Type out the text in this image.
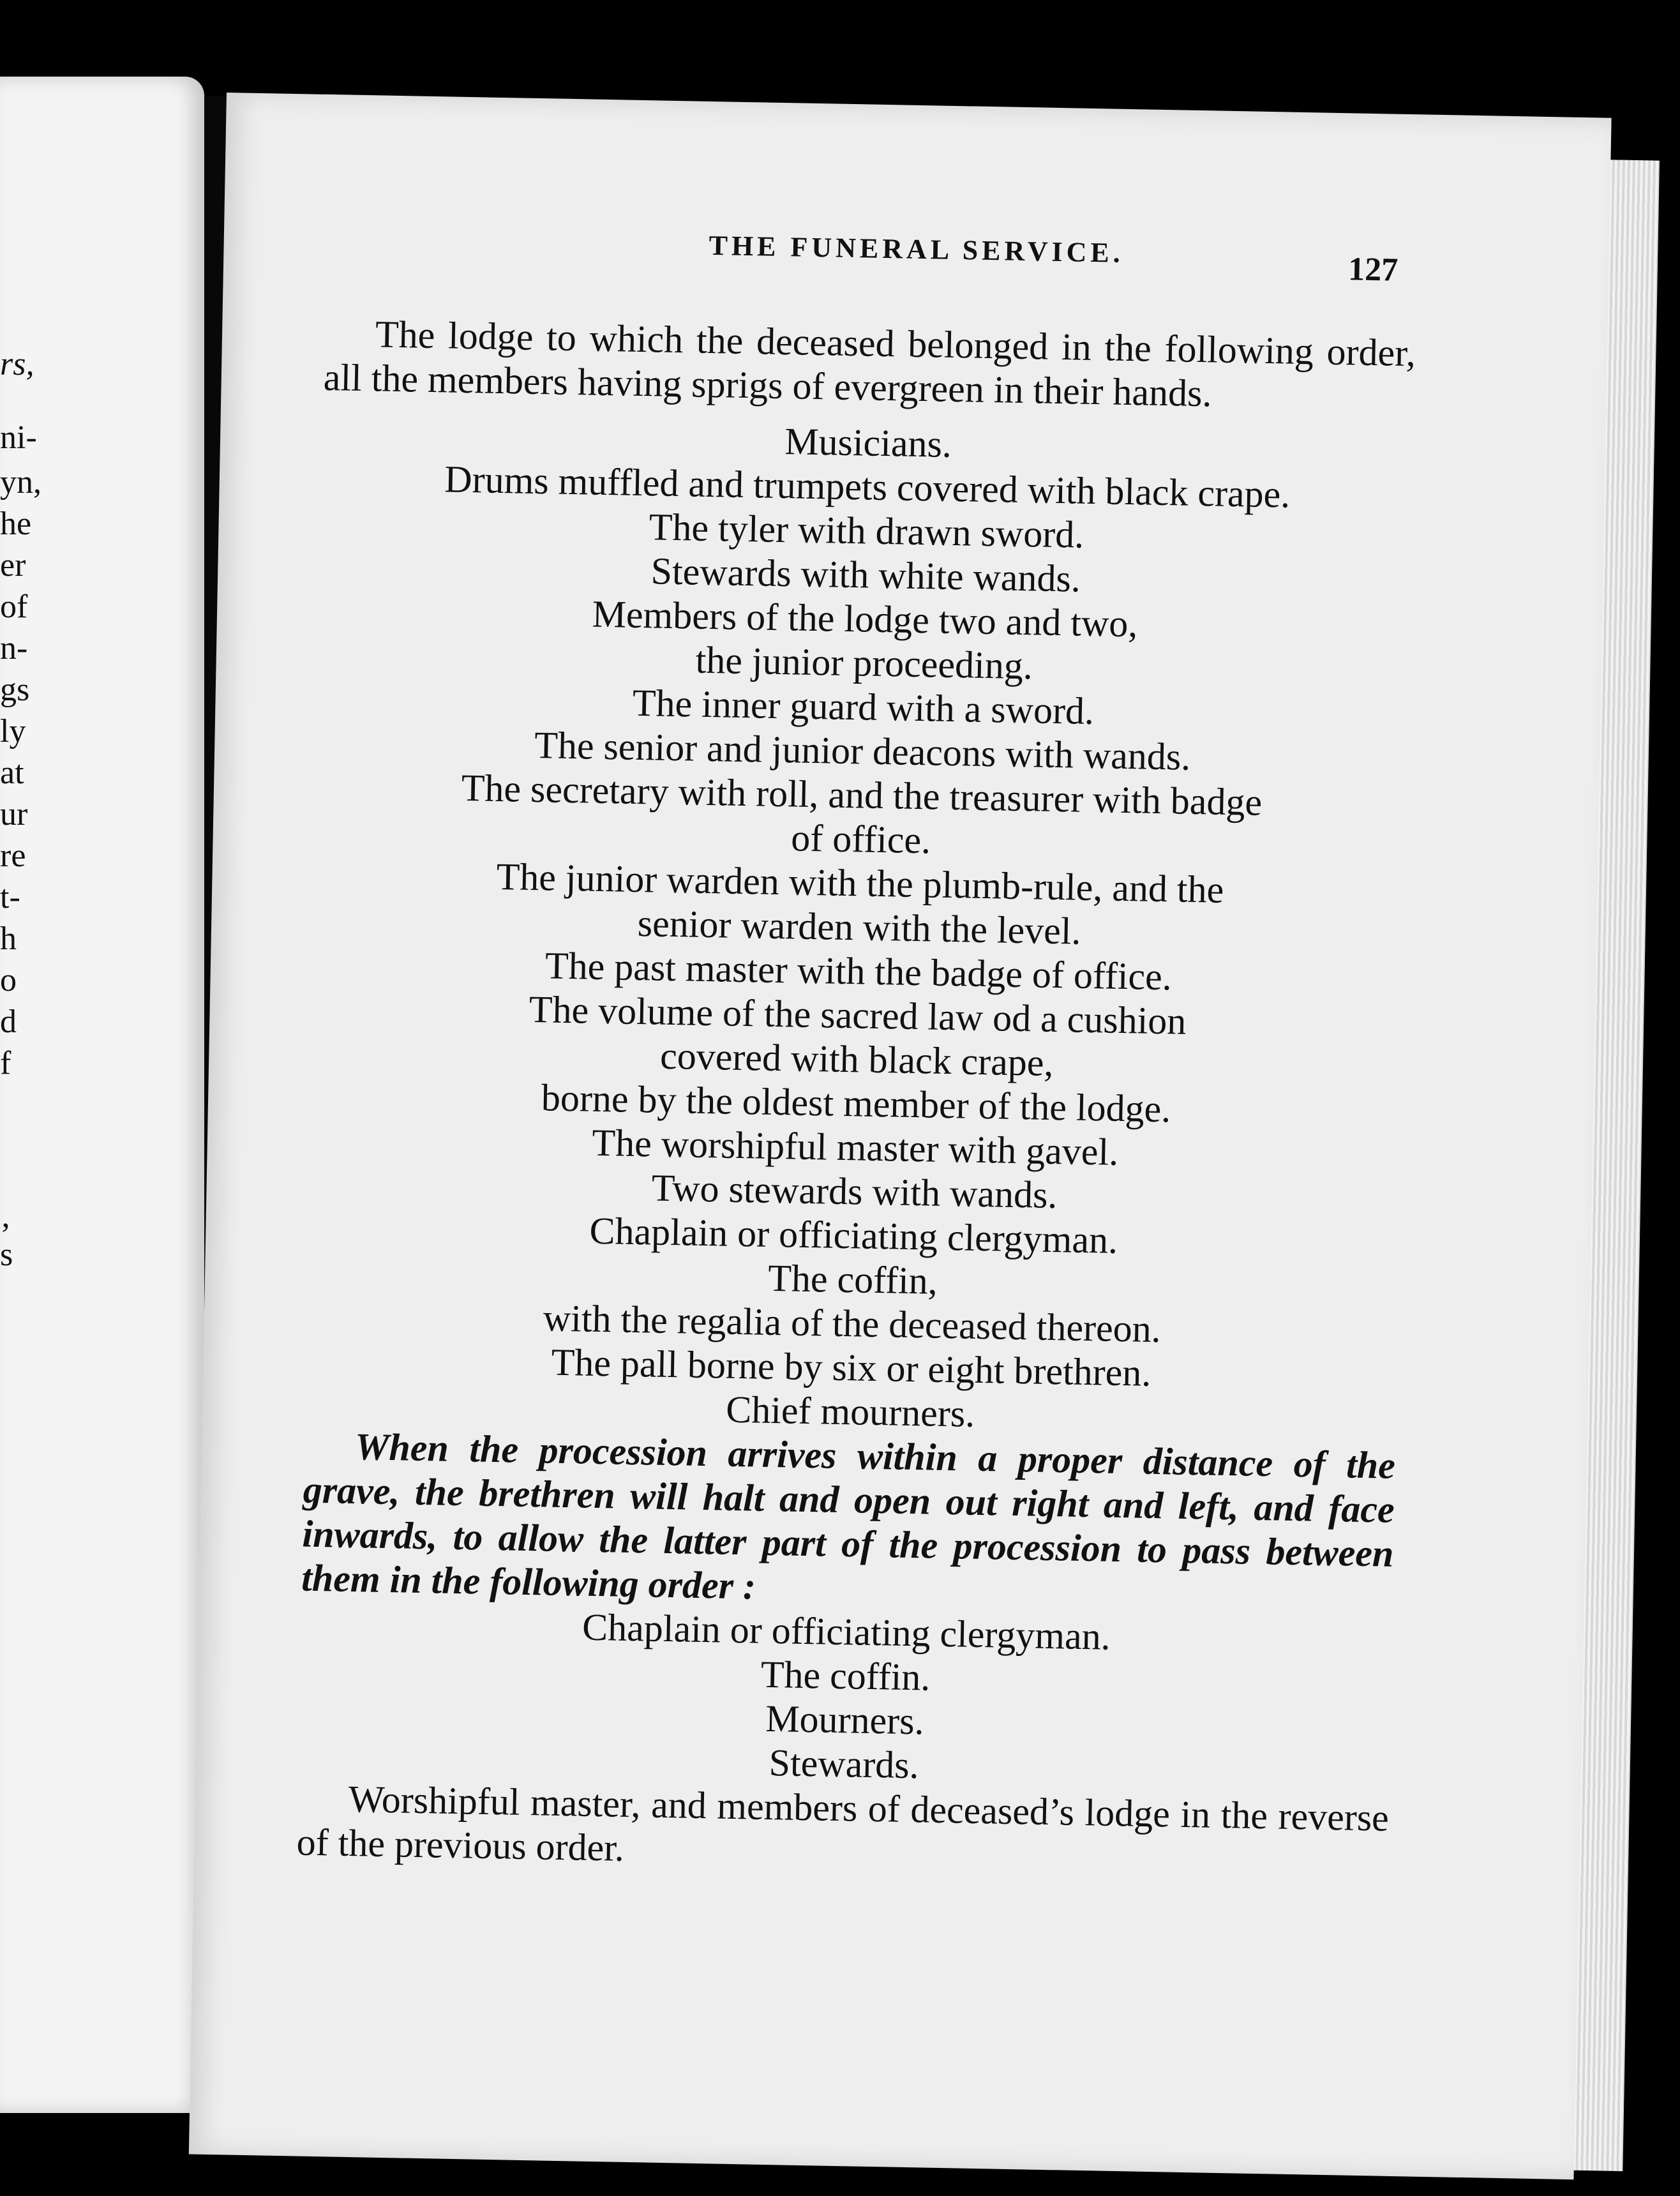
rs,
ni-
yn,
he
er
of
n-
gs
ly
at
ur
re
t-
h
o
d
f
‚
s
THE FUNERAL SERVICE.
127

The lodge to which the deceased belonged in the following order, all the members having sprigs of evergreen in their hands.

Musicians.

Drums muffled and trumpets covered with black crape.

The tyler with drawn sword.

Stewards with white wands.

Members of the lodge two and two,

the junior proceeding.

The inner guard with a sword.

The senior and junior deacons with wands.

The secretary with roll, and the treasurer with badge

of office.

The junior warden with the plumb-rule, and the

senior warden with the level.

The past master with the badge of office.

The volume of the sacred law od a cushion

covered with black crape,

borne by the oldest member of the lodge.

The worshipful master with gavel.

Two stewards with wands.

Chaplain or officiating clergyman.

The coffin,

with the regalia of the deceased thereon.

The pall borne by six or eight brethren.

Chief mourners.

When the procession arrives within a proper distance of the grave, the brethren will halt and open out right and left, and face inwards, to allow the latter part of the procession to pass between them in the following order :

Chaplain or officiating clergyman.

The coffin.

Mourners.

Stewards.

Worshipful master, and members of deceased’s lodge in the reverse of the previous order.
